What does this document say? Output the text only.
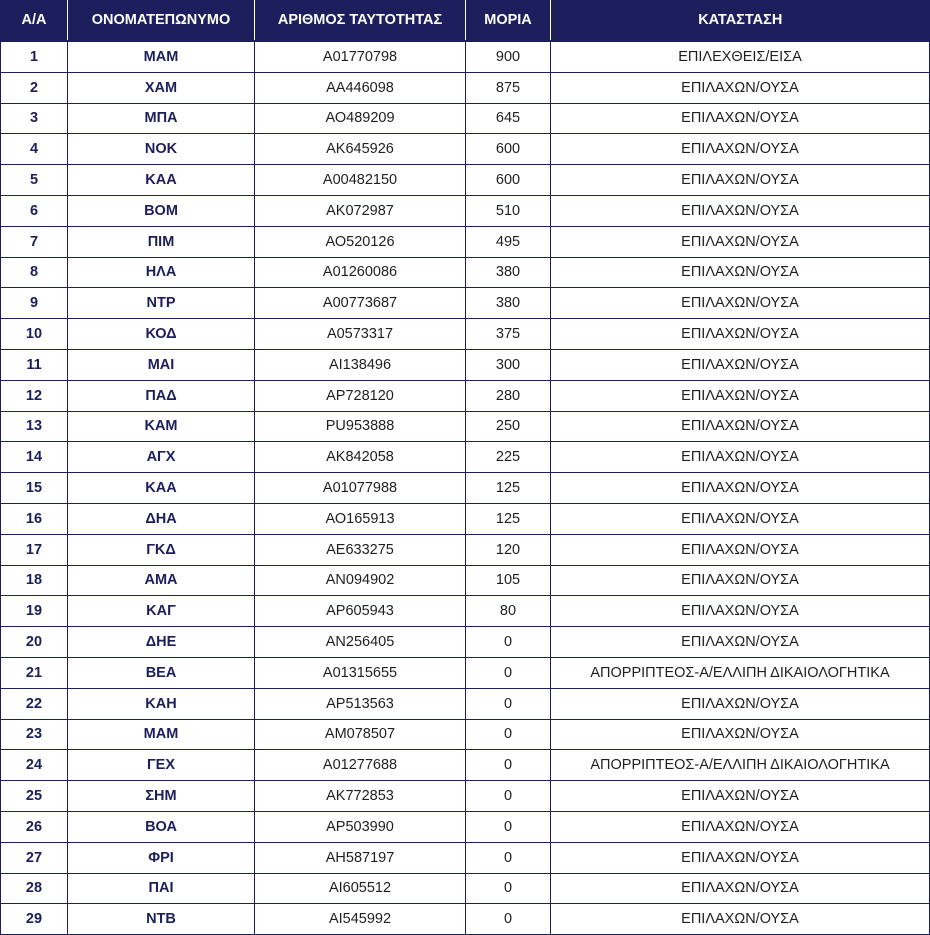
Α/Α	ΟΝΟΜΑΤΕΠΩΝΥΜΟ	ΑΡΙΘΜΟΣ ΤΑΥΤΟΤΗΤΑΣ	ΜΟΡΙΑ	ΚΑΤΑΣΤΑΣΗ
1	ΜΑΜ	Α01770798	900	ΕΠΙΛΕΧΘΕΙΣ/ΕΙΣΑ
2	ΧΑΜ	ΑΑ446098	875	ΕΠΙΛΑΧΩΝ/ΟΥΣΑ
3	ΜΠΑ	ΑΟ489209	645	ΕΠΙΛΑΧΩΝ/ΟΥΣΑ
4	ΝΟΚ	ΑΚ645926	600	ΕΠΙΛΑΧΩΝ/ΟΥΣΑ
5	ΚΑΑ	Α00482150	600	ΕΠΙΛΑΧΩΝ/ΟΥΣΑ
6	ΒΟΜ	ΑΚ072987	510	ΕΠΙΛΑΧΩΝ/ΟΥΣΑ
7	ΠΙΜ	ΑΟ520126	495	ΕΠΙΛΑΧΩΝ/ΟΥΣΑ
8	ΗΛΑ	Α01260086	380	ΕΠΙΛΑΧΩΝ/ΟΥΣΑ
9	ΝΤΡ	Α00773687	380	ΕΠΙΛΑΧΩΝ/ΟΥΣΑ
10	ΚΟΔ	Α0573317	375	ΕΠΙΛΑΧΩΝ/ΟΥΣΑ
11	ΜΑΙ	ΑΙ138496	300	ΕΠΙΛΑΧΩΝ/ΟΥΣΑ
12	ΠΑΔ	ΑΡ728120	280	ΕΠΙΛΑΧΩΝ/ΟΥΣΑ
13	ΚΑΜ	PU953888	250	ΕΠΙΛΑΧΩΝ/ΟΥΣΑ
14	ΑΓΧ	ΑΚ842058	225	ΕΠΙΛΑΧΩΝ/ΟΥΣΑ
15	ΚΑΑ	Α01077988	125	ΕΠΙΛΑΧΩΝ/ΟΥΣΑ
16	ΔΗΑ	ΑΟ165913	125	ΕΠΙΛΑΧΩΝ/ΟΥΣΑ
17	ΓΚΔ	ΑΕ633275	120	ΕΠΙΛΑΧΩΝ/ΟΥΣΑ
18	ΑΜΑ	ΑΝ094902	105	ΕΠΙΛΑΧΩΝ/ΟΥΣΑ
19	ΚΑΓ	ΑΡ605943	80	ΕΠΙΛΑΧΩΝ/ΟΥΣΑ
20	ΔΗΕ	ΑΝ256405	0	ΕΠΙΛΑΧΩΝ/ΟΥΣΑ
21	ΒΕΑ	Α01315655	0	ΑΠΟΡΡΙΠΤΕΟΣ-Α/ΕΛΛΙΠΗ ΔΙΚΑΙΟΛΟΓΗΤΙΚΑ
22	ΚΑΗ	ΑΡ513563	0	ΕΠΙΛΑΧΩΝ/ΟΥΣΑ
23	ΜΑΜ	ΑΜ078507	0	ΕΠΙΛΑΧΩΝ/ΟΥΣΑ
24	ΓΕΧ	Α01277688	0	ΑΠΟΡΡΙΠΤΕΟΣ-Α/ΕΛΛΙΠΗ ΔΙΚΑΙΟΛΟΓΗΤΙΚΑ
25	ΣΗΜ	ΑΚ772853	0	ΕΠΙΛΑΧΩΝ/ΟΥΣΑ
26	ΒΟΑ	ΑΡ503990	0	ΕΠΙΛΑΧΩΝ/ΟΥΣΑ
27	ΦΡΙ	ΑΗ587197	0	ΕΠΙΛΑΧΩΝ/ΟΥΣΑ
28	ΠΑΙ	ΑΙ605512	0	ΕΠΙΛΑΧΩΝ/ΟΥΣΑ
29	ΝΤΒ	ΑΙ545992	0	ΕΠΙΛΑΧΩΝ/ΟΥΣΑ
